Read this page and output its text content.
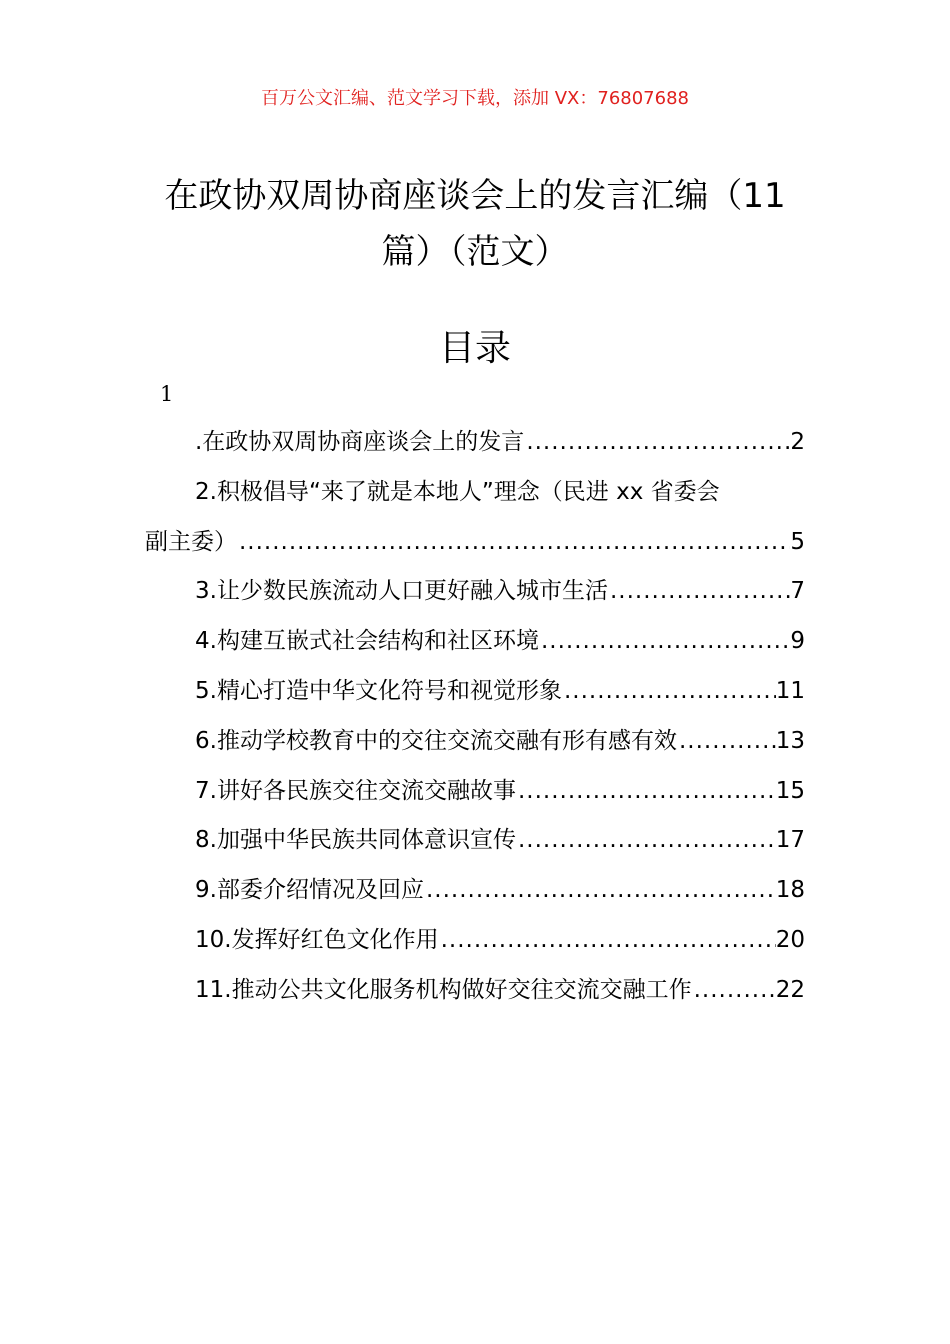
百万公文汇编、范文学习下载，添加 VX：76807688
在政协双周协商座谈会上的发言汇编（11篇）（范文）
目录
1
.在政协双周协商座谈会上的发言 .....	2
2.积极倡导“来了就是本地人”理念（民进 xx 省委会
副主委） .....	5
3.让少数民族流动人口更好融入城市生活 .....	7
4.构建互嵌式社会结构和社区环境 .....	9
5.精心打造中华文化符号和视觉形象 .....	11
6.推动学校教育中的交往交流交融有形有感有效 .....	13
7.讲好各民族交往交流交融故事 .....	15
8.加强中华民族共同体意识宣传 .....	17
9.部委介绍情况及回应 .....	18
10.发挥好红色文化作用 .....	20
11.推动公共文化服务机构做好交往交流交融工作 .....	22
